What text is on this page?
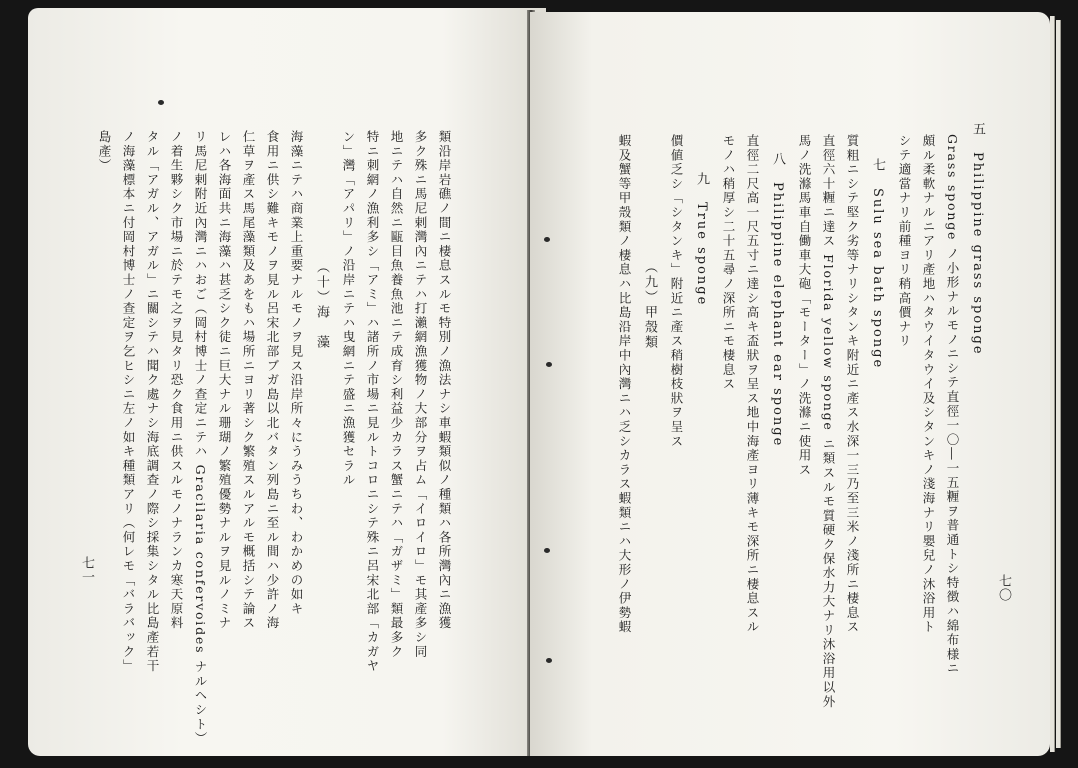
類沿岸岩礁ノ間ニ棲息スルモ特別ノ漁法ナシ車蝦類似ノ種類ハ各所灣內ニ漁獲
多ク殊ニ馬尼剌灣內ニテハ打瀨網漁獲物ノ大部分ヲ占ム「イロイロ」モ其產多シ同
地ニテハ自然ニ甌目魚養魚池ニテ成育シ利益少カラス蟹ニテハ「ガザミ」類最多ク
特ニ刺網ノ漁利多シ「アミ」ハ諸所ノ市場ニ見ルトコロニシテ殊ニ呂宋北部「カガヤ
ン」灣「アパリ」ノ沿岸ニテハ曳網ニテ盛ニ漁獲セラル
（十）海　藻
海藻ニテハ商業上重要ナルモノヲ見ス沿岸所々にうみうちわ、わかめの如キ
食用ニ供シ難キモノヲ見ル呂宋北部ブガ島以北バタン列島ニ至ル間ハ少許ノ海
仁草ヲ產ス馬尾藻類及あをもハ場所ニヨリ著シク繁殖スルアルモ概括シテ論ス
レハ各海面共ニ海藻ハ甚乏シク徒ニ巨大ナル珊瑚ノ繁殖優勢ナルヲ見ルノミナ
リ馬尼剌附近內灣ニハおご（岡村博士ノ查定ニテハ Gracilaria confervoides ナルヘシト）
ノ着生夥シク市場ニ於テモ之ヲ見タリ恐ク食用ニ供スルモノナランカ寒天原料
タル「アガル、アガル」ニ關シテハ聞ク處ナシ海底調查ノ際シ採集シタル比島產若干
ノ海藻標本ニ付岡村博士ノ查定ヲ乞ヒシニ左ノ如キ種類アリ（何レモ「バラバック」
島產）
七一
七〇
五　Philippine grass sponge
Grass sponge ノ小形ナルモノニシテ直徑一〇―一五糎ヲ普通トシ特徴ハ綿布様ニ
頗ル柔軟ナルニアリ產地ハタウイタウイ及シタンキノ淺海ナリ嬰兒ノ沐浴用ト
シテ適當ナリ前種ヨリ稍高價ナリ
七　Sulu sea bath sponge
質粗ニシテ堅ク劣等ナリシタンキ附近ニ產ス水深一三乃至三米ノ淺所ニ棲息ス
直徑六十糎ニ達ス Florida yellow sponge ニ類スルモ質硬ク保水力大ナリ沐浴用以外
馬ノ洗滌馬車自働車大砲「モーター」ノ洗滌ニ使用ス
八　Philippine elephant ear sponge
直徑二尺高一尺五寸ニ達シ高キ盃狀ヲ呈ス地中海產ヨリ薄キモ深所ニ棲息スル
モノハ稍厚シ二十五尋ノ深所ニモ棲息ス
九　True sponge
價値乏シ「シタンキ」附近ニ產ス稍樹枝狀ヲ呈ス
（九）甲殼類
蝦及蟹等甲殼類ノ棲息ハ比島沿岸中內灣ニハ乏シカラス蝦類ニハ大形ノ伊勢蝦
